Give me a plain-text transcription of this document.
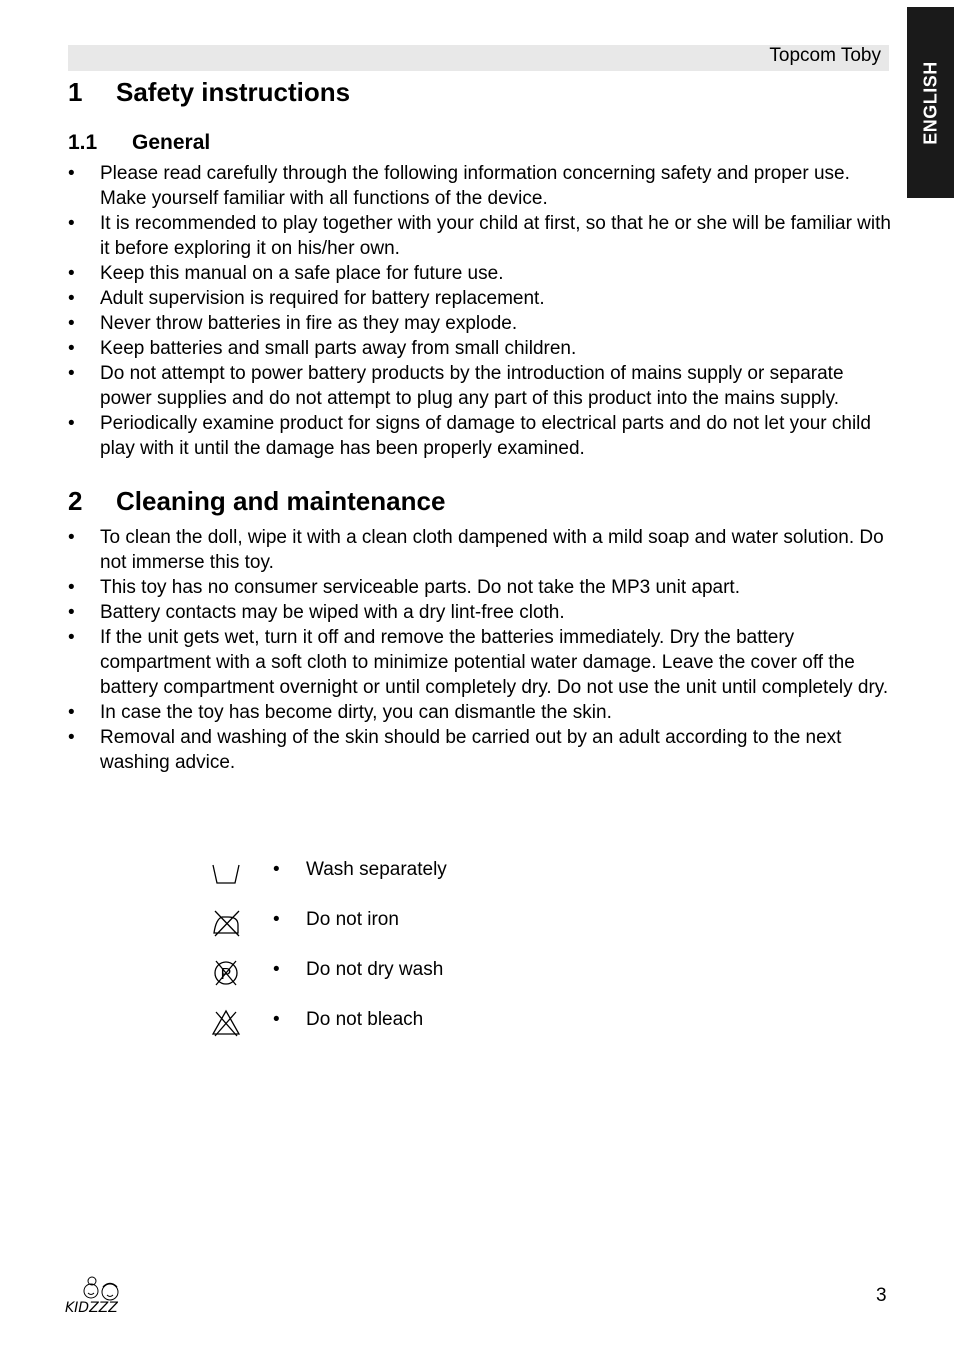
Topcom Toby
ENGLISH
1 Safety instructions
1.1 General
• Please read carefully through the following information concerning safety and proper use. Make yourself familiar with all functions of the device.
• It is recommended to play together with your child at first, so that he or she will be familiar with it before exploring it on his/her own.
• Keep this manual on a safe place for future use.
• Adult supervision is required for battery replacement.
• Never throw batteries in fire as they may explode.
• Keep batteries and small parts away from small children.
• Do not attempt to power battery products by the introduction of mains supply or separate power supplies and do not attempt to plug any part of this product into the mains supply.
• Periodically examine product for signs of damage to electrical parts and do not let your child play with it until the damage has been properly examined.
2 Cleaning and maintenance
• To clean the doll, wipe it with a clean cloth dampened with a mild soap and water solution. Do not immerse this toy.
• This toy has no consumer serviceable parts. Do not take the MP3 unit apart.
• Battery contacts may be wiped with a dry lint-free cloth.
• If the unit gets wet, turn it off and remove the batteries immediately. Dry the battery compartment with a soft cloth to minimize potential water damage. Leave the cover off the battery compartment overnight or until completely dry. Do not use the unit until completely dry.
• In case the toy has become dirty, you can dismantle the skin.
• Removal and washing of the skin should be carried out by an adult according to the next washing advice.
• Wash separately
• Do not iron
P • Do not dry wash
• Do not bleach
KIDZZZ
3
